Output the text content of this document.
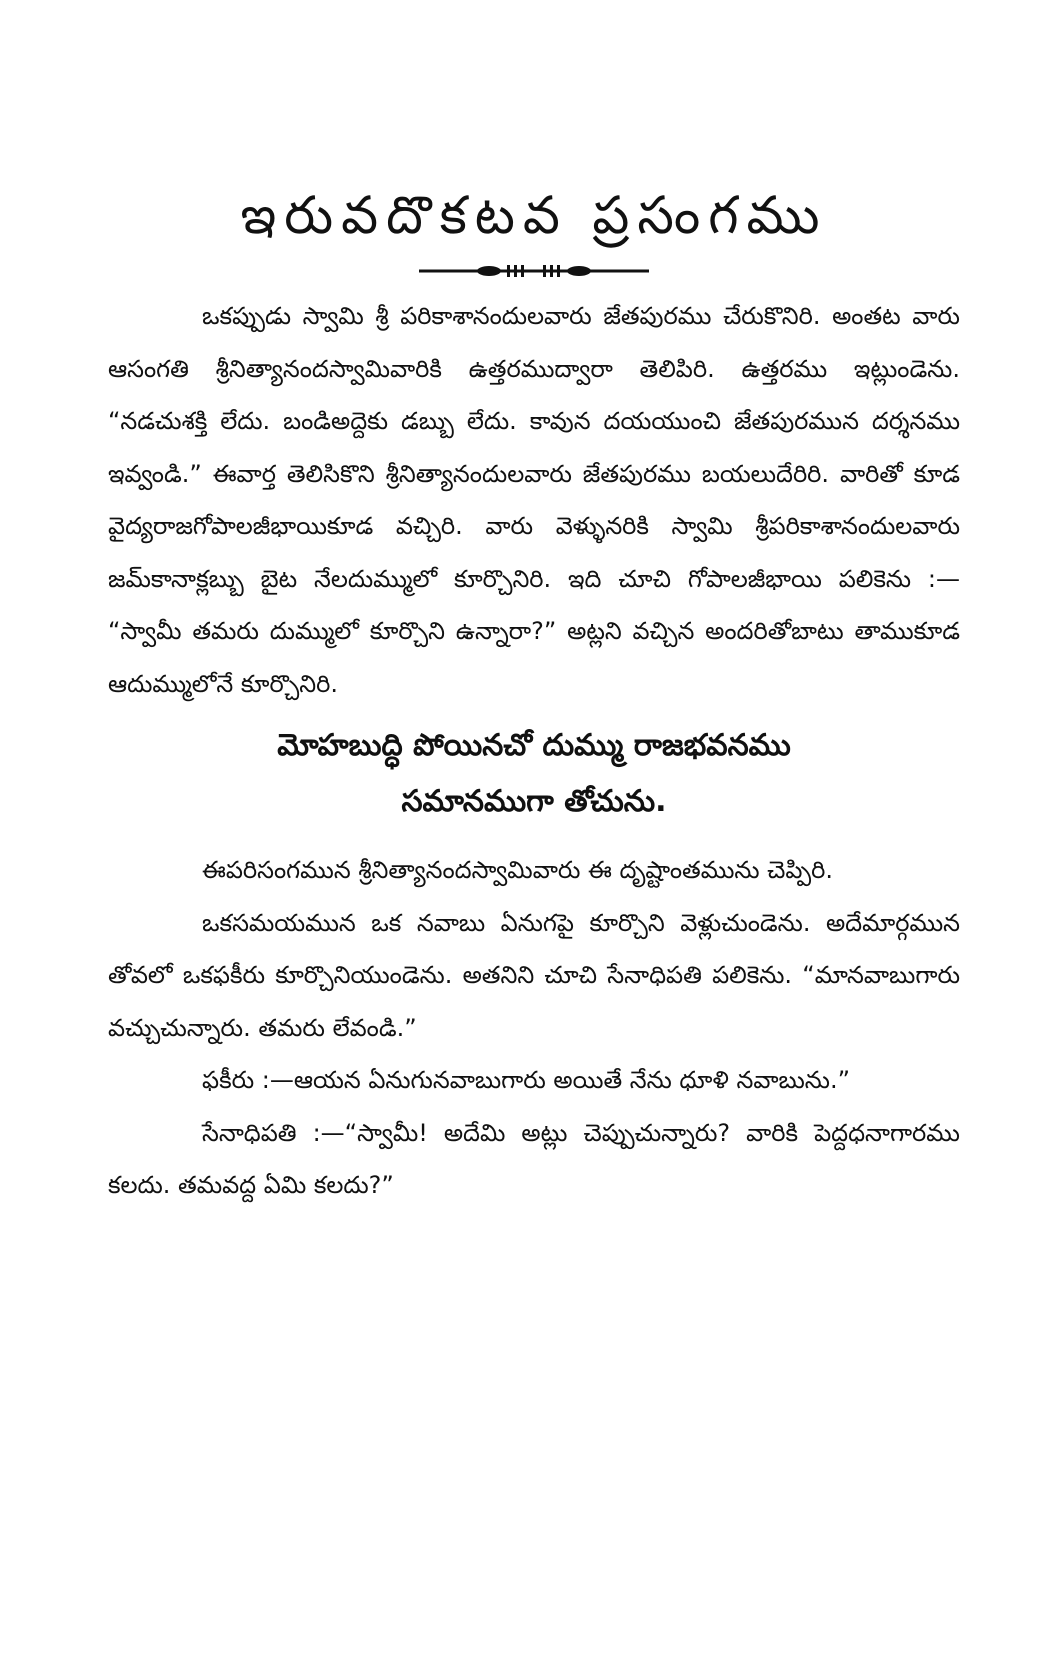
ఇరువదొకటవ ప్రసంగము

ఒకప్పుడు స్వామి శ్రీ పరికాశానందులవారు జేతపురము చేరుకొనిరి. అంతట వారు ఆసంగతి శ్రీనిత్యానందస్వామివారికి ఉత్తరముద్వారా తెలిపిరి. ఉత్తరము ఇట్లుండెను. “నడచుశక్తి లేదు. బండిఅద్దెకు డబ్బు లేదు. కావున దయయుంచి జేతపురమున దర్శనము ఇవ్వండి.” ఈవార్త తెలిసికొని శ్రీనిత్యానందులవారు జేతపురము బయలుదేరిరి. వారితో కూడ వైద్యరాజగోపాలజీభాయికూడ వచ్చిరి. వారు వెళ్ళునరికి స్వామి శ్రీపరికాశానందులవారు జమ్‌కానాక్లబ్బు బైట నేలదుమ్ములో కూర్చొనిరి. ఇది చూచి గోపాలజీభాయి పలికెను :— “స్వామీ తమరు దుమ్ములో కూర్చొని ఉన్నారా?” అట్లని వచ్చిన అందరితోబాటు తాముకూడ ఆదుమ్ములోనే కూర్చొనిరి.

మోహబుద్ధి పోయినచో దుమ్ము రాజభవనము
సమానముగా తోచును.

ఈపరిసంగమున శ్రీనిత్యానందస్వామివారు ఈ దృష్టాంతమును చెప్పిరి.

ఒకసమయమున ఒక నవాబు ఏనుగపై కూర్చొని వెళ్లుచుండెను. అదేమార్గమున తోవలో ఒకఫకీరు కూర్చొనియుండెను. అతనిని చూచి సేనాధిపతి పలికెను. “మానవాబుగారు వచ్చుచున్నారు. తమరు లేవండి.”

ఫకీరు :—ఆయన ఏనుగునవాబుగారు అయితే నేను ధూళి నవాబును.”

సేనాధిపతి :—“స్వామీ! అదేమి అట్లు చెప్పుచున్నారు? వారికి పెద్దధనాగారము కలదు. తమవద్ద ఏమి కలదు?”
